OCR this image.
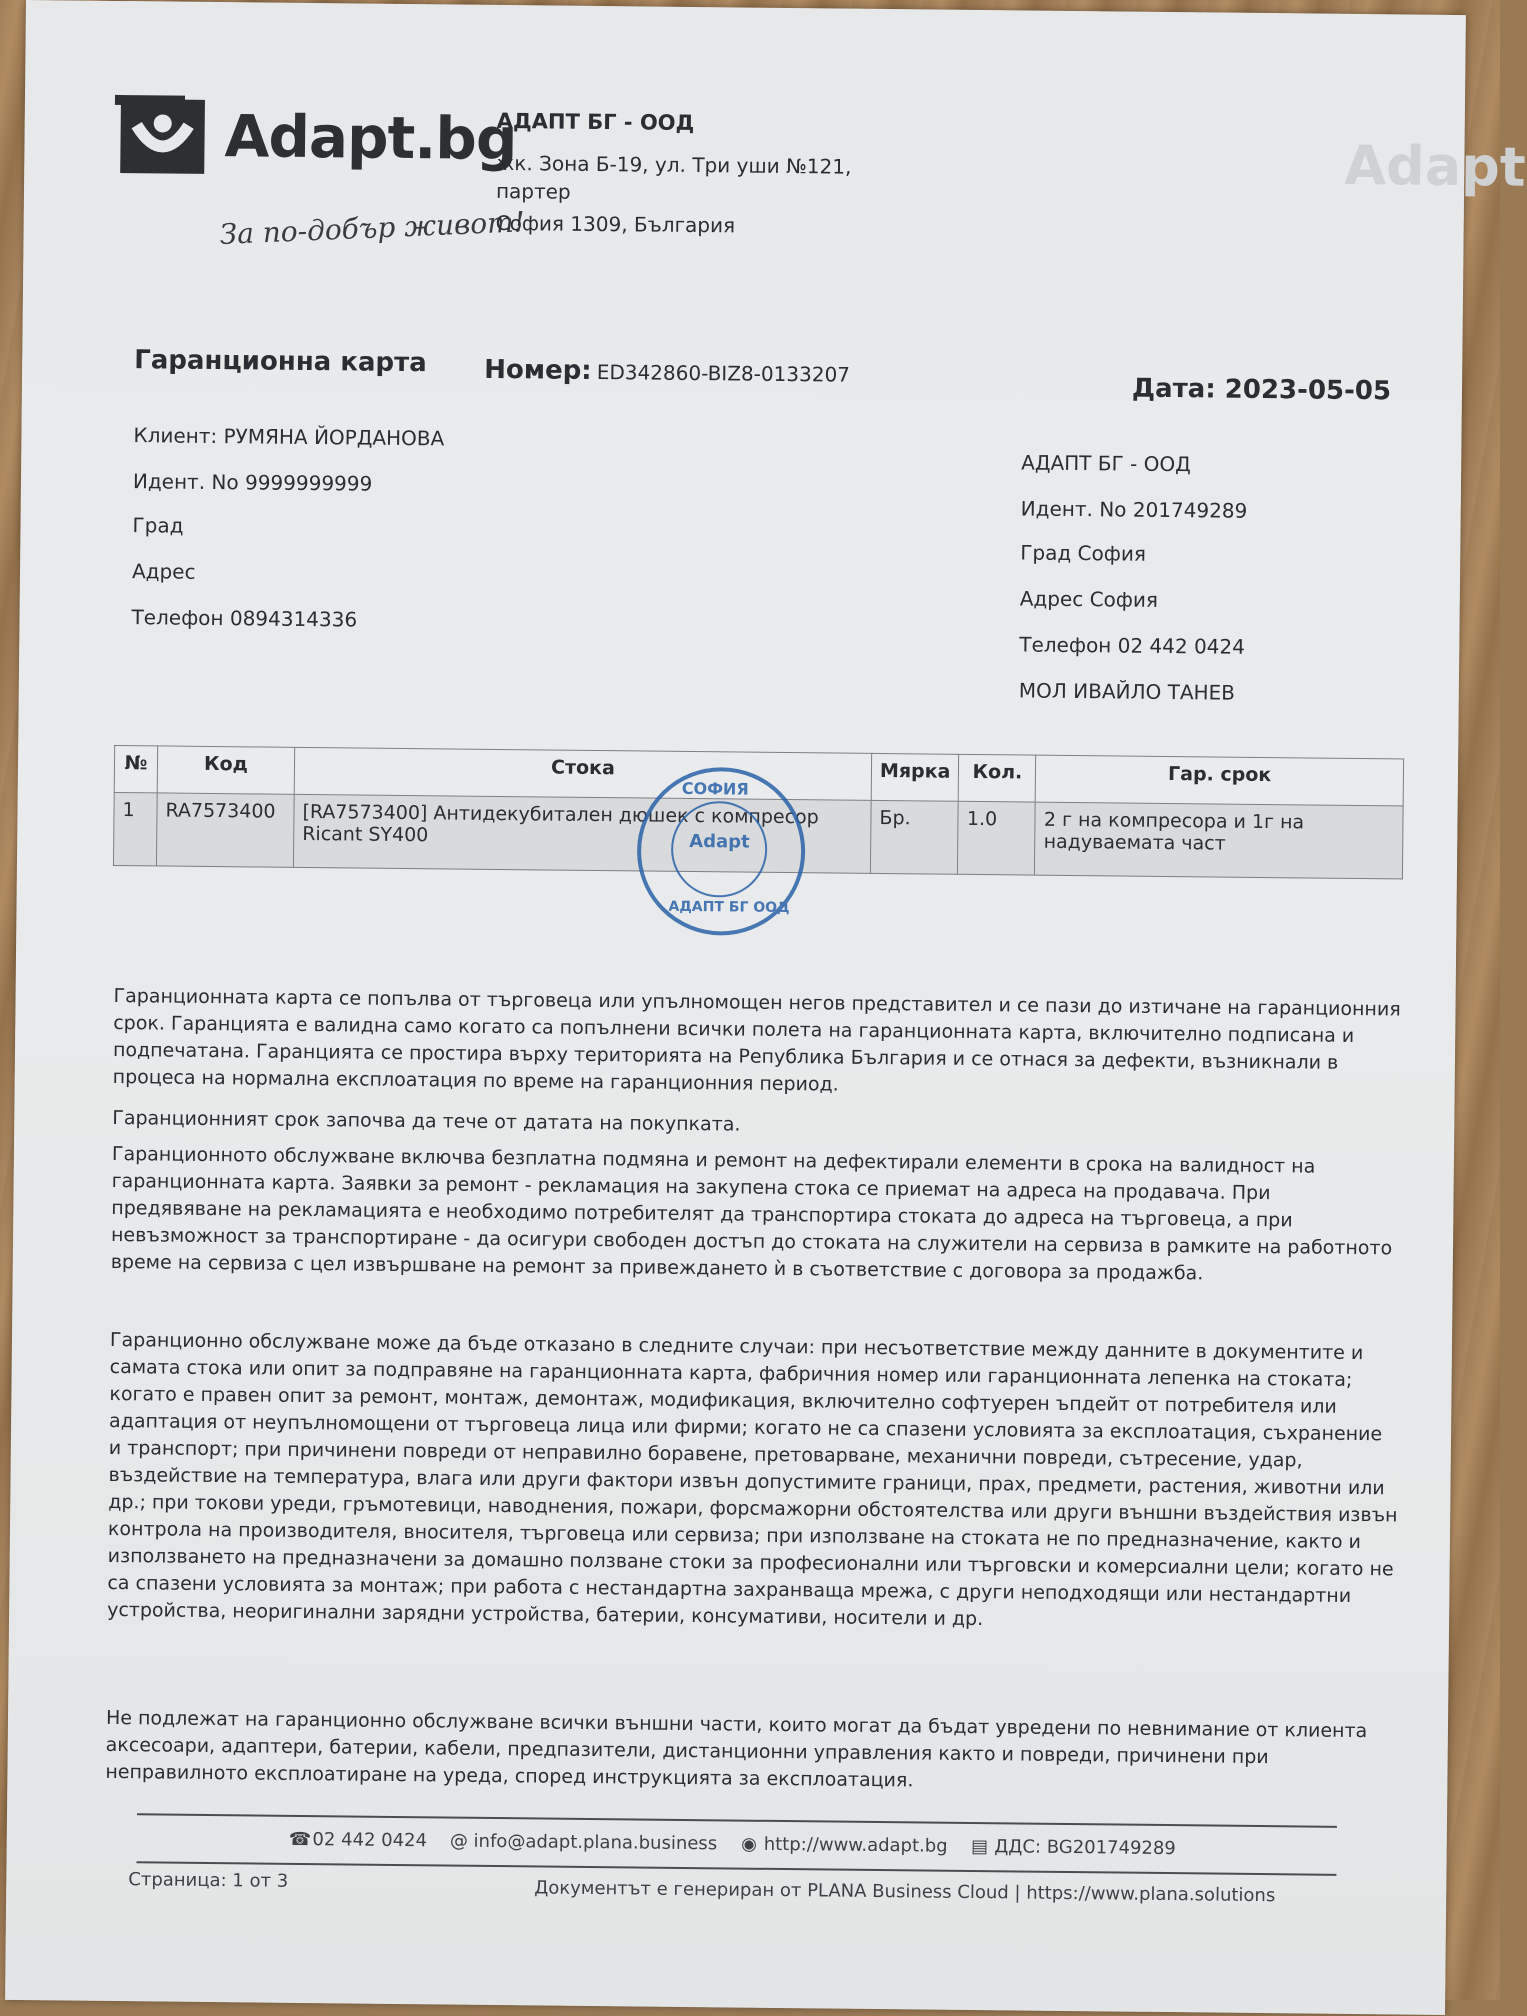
Adapt.bg
За по-добър живот!
Adapt
АДАПТ БГ - ООД
жк. Зона Б-19, ул. Три уши №121,
партер
София 1309, България
Гаранционна карта Номер: ED342860-BIZ8-0133207
Дата: 2023-05-05
Клиент: РУМЯНА ЙОРДАНОВА
Идент. No 9999999999
Град
Адрес
Телефон 0894314336
АДАПТ БГ - ООД
Идент. No 201749289
Град София
Адрес София
Телефон 02 442 0424
МОЛ ИВАЙЛО ТАНЕВ
№	Код	Стока	Мярка	Кол.	Гар. срок
1	RA7573400	[RA7573400] Антидекубитален дюшек с компресор Ricant SY400	Бр.	1.0	2 г на компресора и 1г на надуваемата част
СОФИЯ
Adapt
АДАПТ БГ ООД

Гаранционната карта се попълва от търговеца или упълномощен негов представител и се пази до изтичане на гаранционния срок. Гаранцията е валидна само когато са попълнени всички полета на гаранционната карта, включително подписана и подпечатана. Гаранцията се простира върху територията на Република България и се отнася за дефекти, възникнали в процеса на нормална експлоатация по време на гаранционния период.

Гаранционният срок започва да тече от датата на покупката.

Гаранционното обслужване включва безплатна подмяна и ремонт на дефектирали елементи в срока на валидност на гаранционната карта. Заявки за ремонт - рекламация на закупена стока се приемат на адреса на продавача. При предявяване на рекламацията е необходимо потребителят да транспортира стоката до адреса на търговеца, а при невъзможност за транспортиране - да осигури свободен достъп до стоката на служители на сервиза в рамките на работното време на сервиза с цел извършване на ремонт за привеждането ѝ в съответствие с договора за продажба.

Гаранционно обслужване може да бъде отказано в следните случаи: при несъответствие между данните в документите и самата стока или опит за подправяне на гаранционната карта, фабричния номер или гаранционната лепенка на стоката; когато е правен опит за ремонт, монтаж, демонтаж, модификация, включително софтуерен ъпдейт от потребителя или адаптация от неупълномощени от търговеца лица или фирми; когато не са спазени условията за експлоатация, съхранение и транспорт; при причинени повреди от неправилно боравене, претоварване, механични повреди, сътресение, удар, въздействие на температура, влага или други фактори извън допустимите граници, прах, предмети, растения, животни или др.; при токови уреди, гръмотевици, наводнения, пожари, форсмажорни обстоятелства или други външни въздействия извън контрола на производителя, вносителя, търговеца или сервиза; при използване на стоката не по предназначение, както и използването на предназначени за домашно ползване стоки за професионални или търговски и комерсиални цели; когато не са спазени условията за монтаж; при работа с нестандартна захранваща мрежа, с други неподходящи или нестандартни устройства, неоригинални зарядни устройства, батерии, консумативи, носители и др.

Не подлежат на гаранционно обслужване всички външни части, които могат да бъдат увредени по невнимание от клиента аксесоари, адаптери, батерии, кабели, предпазители, дистанционни управления както и повреди, причинени при неправилното експлоатиране на уреда, според инструкцията за експлоатация.

☎ 02 442 0424 @ info@adapt.plana.business ◉ http://www.adapt.bg ▤ ДДС: BG201749289
Страница: 1 от 3	Документът е генериран от PLANA Business Cloud | https://www.plana.solutions
